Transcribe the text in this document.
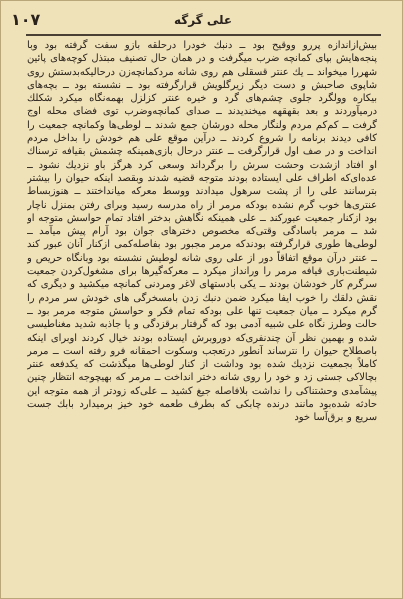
۱۰۷	علی گرگه
بیش‌ازاندازه پررو ووقیح بود ــ دنبك خودرا درحلقه بازو سفت گرفته بود وبا پنجه‌هایش بپای کمانچه ضرب میگرفت و در همان حال تصنیف مبتذل کوچه‌های پائین شهررا میخواند ــ یك عنتر قسقلی هم روی شانه مرد‌کمانچه‌زن درحالیکه‌بدستش روی شاپوی صاحبش و دست دیگر زیرگلویش قرارگرفته بود ــ نشسته بود ــ بچه‌های بیکاره وولگرد جلوی چشم‌های گرد و خیره عنتر کز‌لزل بهمه‌نگاه میکرد شکلك درمیآوردند و بعد بقهقهه میخندیدند ــ صدای کمانچه‌وضرب توی فضای محله اوج گرفت ــ کم‌کم مردم ولنگار محله دورشان جمع شدند ــ لوطی‌ها وکمانچه جمعیت را کافی دیدند برنامه را شروع کردند ــ درآین موقع علی هم خودش را بداخل مردم انداخت و در صف اول قرارگرفت ــ عنتر درحال بازی‌همینکه چشمش بقیافه ترسناك او افتاد ازشدت وحشت سرش را برگرداند وسعی کرد هرگز باو نزدیك نشود ــ عده‌ای‌که اطراف علی ایستاده بودند متوجه قضیه شدند وبقصد اینکه حیوان را بیشتر بترسانند علی را از پشت سرهول میدادند ووسط معرکه میاندا‌ختند ــ هنوزبساط عنتری‌ها خوب گرم نشده بودکه مرمر از راه مدرسه رسید وبرای رفتن بمنزل ناچار بود ازکنار جمعیت عبورکند ــ علی همینکه نگاهش بدختر افتاد تمام حواسش متوجه او شد ــ مرمر باسادگی وقتی‌که مخصوص دختر‌های جوان بود آرام پیش میآمد ــ لوطی‌ها طوری قرارگرفته بودندکه مرمر مجبور بود بفاصله‌کمی ازکنار آنان عبور کند ــ عنتر درآن موقع اتفاقاً دور از علی روی شانه لوطیش نشسته بود وبانگاه حریص و شیطنت‌باری قیافه مرمر را ورانداز میکرد ــ معرکه‌گیرها برای مشغول‌کردن جمعیت سرگرم کار خودشان بودند ــ یکی بادستهای لاغر ومردنی کمانچه میکشید و دیگری که نقش دلقك را خوب ایفا میکرد ضمن دنبك زدن بامسخرگی های خودش سر مردم را گرم میکرد ــ میان جمعیت تنها علی بودکه تمام فکر و حواسش متوجه مرمر بود ــ حالت وطرز نگاه علی شبیه آدمی بود که گرفتار برقزدگی و یا جاذبه شدید مغناطیسی شده و بهمین نظر آن چندنفری‌که دوروبرش ایستاده بودند خیال کردند اوبرای اینکه باصطلاح حیوان را نترساند آنطور درتعجب وسکوت احمقانه فرو رفته است ــ مرمر کاملاً بجمعیت نزدیك شده بود وداشت از کنار لوطی‌ها میگذشت که یکدفعه عنتر بچالاکی جستی زد و خود را روی شانه دختر انداخت ــ مرمر که بهیچوجه انتظار چنین پیشآمدی وحشتناکی را نداشت بلافاصله جیغ کشید ــ علی‌که زودتر از همه متوجه این حادثه شده‌بود مانند درنده چابکی که بطرف طعمه خود خیز برمیدارد بابك جست سریع و برق‌آسا خود
